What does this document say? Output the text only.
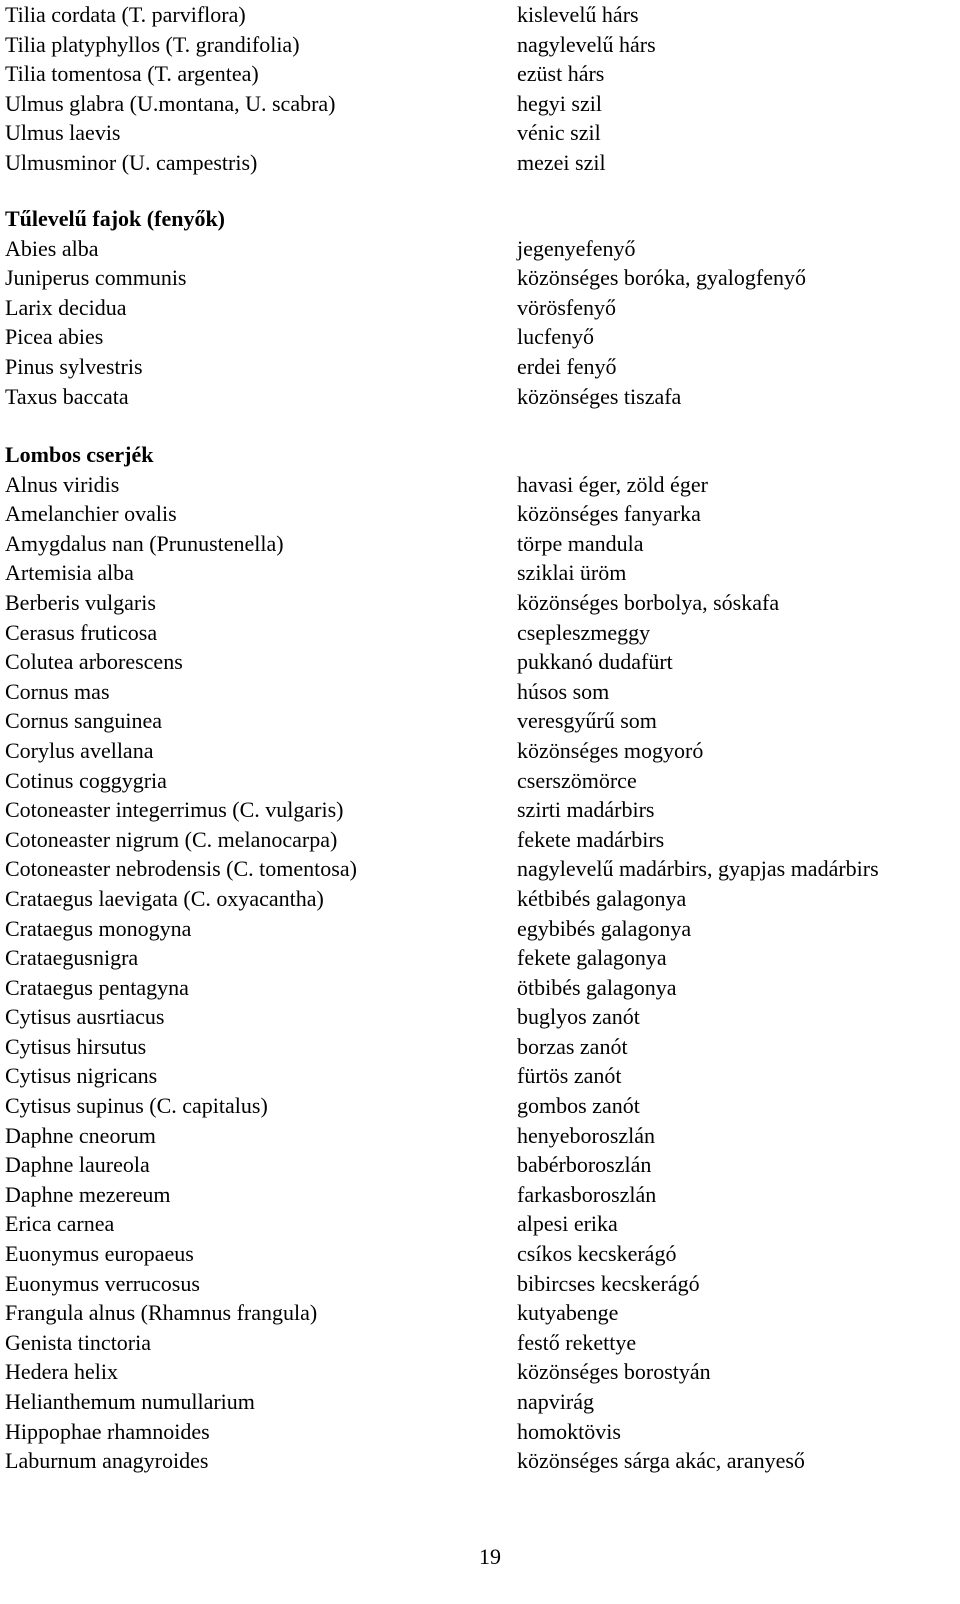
Tilia cordata (T. parviflora)	kislevelű hárs
Tilia platyphyllos (T. grandifolia)	nagylevelű hárs
Tilia tomentosa (T. argentea)	ezüst hárs
Ulmus glabra (U.montana, U. scabra)	hegyi szil
Ulmus laevis	vénic szil
Ulmusminor (U. campestris)	mezei szil
Tűlevelű fajok (fenyők)
Abies alba	jegenyefenyő
Juniperus communis	közönséges boróka, gyalogfenyő
Larix decidua	vörösfenyő
Picea abies	lucfenyő
Pinus sylvestris	erdei fenyő
Taxus baccata	közönséges tiszafa
Lombos cserjék
Alnus viridis	havasi éger, zöld éger
Amelanchier ovalis	közönséges fanyarka
Amygdalus nan (Prunustenella)	törpe mandula
Artemisia alba	sziklai üröm
Berberis vulgaris	közönséges borbolya, sóskafa
Cerasus fruticosa	csepleszmeggy
Colutea arborescens	pukkanó dudafürt
Cornus mas	húsos som
Cornus sanguinea	veresgyűrű som
Corylus avellana	közönséges mogyoró
Cotinus coggygria	cserszömörce
Cotoneaster integerrimus (C. vulgaris)	szirti madárbirs
Cotoneaster nigrum (C. melanocarpa)	fekete madárbirs
Cotoneaster nebrodensis (C. tomentosa)	nagylevelű madárbirs, gyapjas madárbirs
Crataegus laevigata (C. oxyacantha)	kétbibés galagonya
Crataegus monogyna	egybibés galagonya
Crataegusnigra	fekete galagonya
Crataegus pentagyna	ötbibés galagonya
Cytisus ausrtiacus	buglyos zanót
Cytisus hirsutus	borzas zanót
Cytisus nigricans	fürtös zanót
Cytisus supinus (C. capitalus)	gombos zanót
Daphne cneorum	henyeboroszlán
Daphne laureola	babérboroszlán
Daphne mezereum	farkasboroszlán
Erica carnea	alpesi erika
Euonymus europaeus	csíkos kecskerágó
Euonymus verrucosus	bibircses kecskerágó
Frangula alnus (Rhamnus frangula)	kutyabenge
Genista tinctoria	festő rekettye
Hedera helix	közönséges borostyán
Helianthemum numullarium	napvirág
Hippophae rhamnoides	homoktövis
Laburnum anagyroides	közönséges sárga akác, aranyeső
19
